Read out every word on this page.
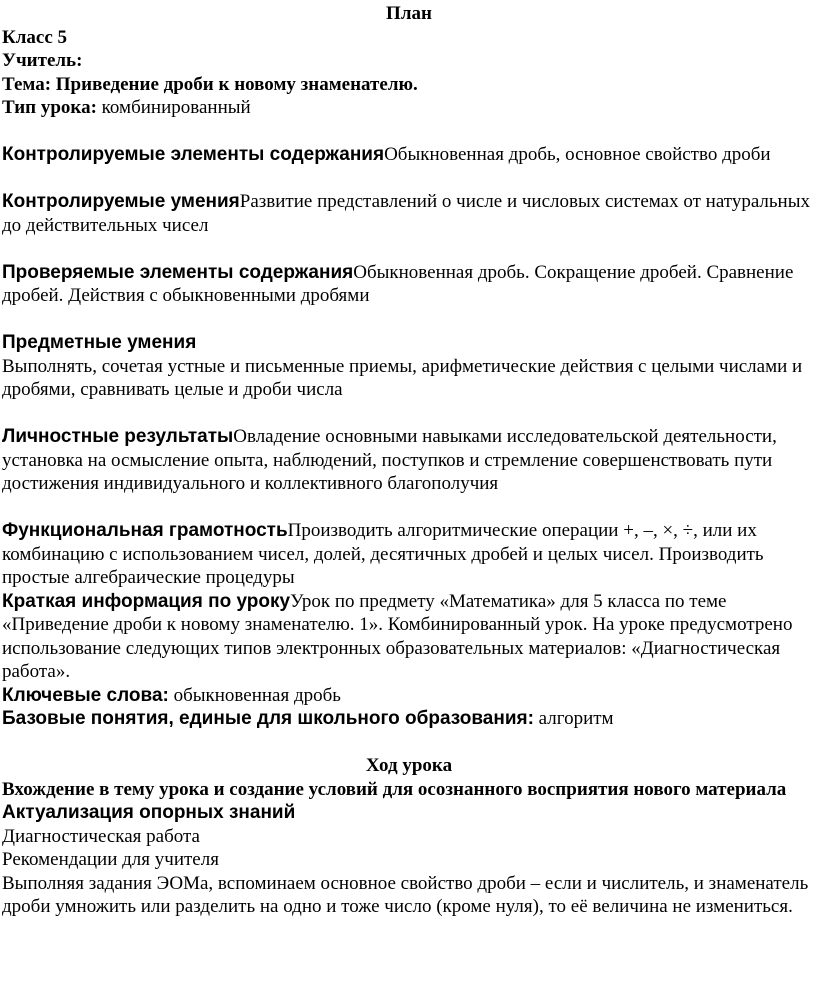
План

Класс 5

Учитель:

Тема: Приведение дроби к новому знаменателю.

Тип урока: комбинированный

Контролируемые элементы содержанияОбыкновенная дробь, основное свойство дроби

Контролируемые уменияРазвитие представлений о числе и числовых системах от натуральных до действительных чисел

Проверяемые элементы содержанияОбыкновенная дробь. Сокращение дробей. Сравнение дробей. Действия с обыкновенными дробями

Предметные умения

Выполнять, сочетая устные и письменные приемы, арифметические действия с целыми числами и дробями, сравнивать целые и дроби числа

Личностные результатыОвладение основными навыками исследовательской деятельности, установка на осмысление опыта, наблюдений, поступков и стремление совершенствовать пути достижения индивидуального и коллективного благополучия

Функциональная грамотностьПроизводить алгоритмические операции +, –, ×, ÷, или их комбинацию с использованием чисел, долей, десятичных дробей и целых чисел. Производить простые алгебраические процедуры

Краткая информация по урокуУрок по предмету «Математика» для 5 класса по теме «Приведение дроби к новому знаменателю. 1». Комбинированный урок. На уроке предусмотрено использование следующих типов электронных образовательных материалов: «Диагностическая работа».

Ключевые слова: обыкновенная дробь

Базовые понятия, единые для школьного образования: алгоритм

Ход урока

Вхождение в тему урока и создание условий для осознанного восприятия нового материала

Актуализация опорных знаний

Диагностическая работа

Рекомендации для учителя

Выполняя задания ЭОМа, вспоминаем основное свойство дроби – если и числитель, и знаменатель дроби умножить или разделить на одно и тоже число (кроме нуля), то её величина не измениться.
